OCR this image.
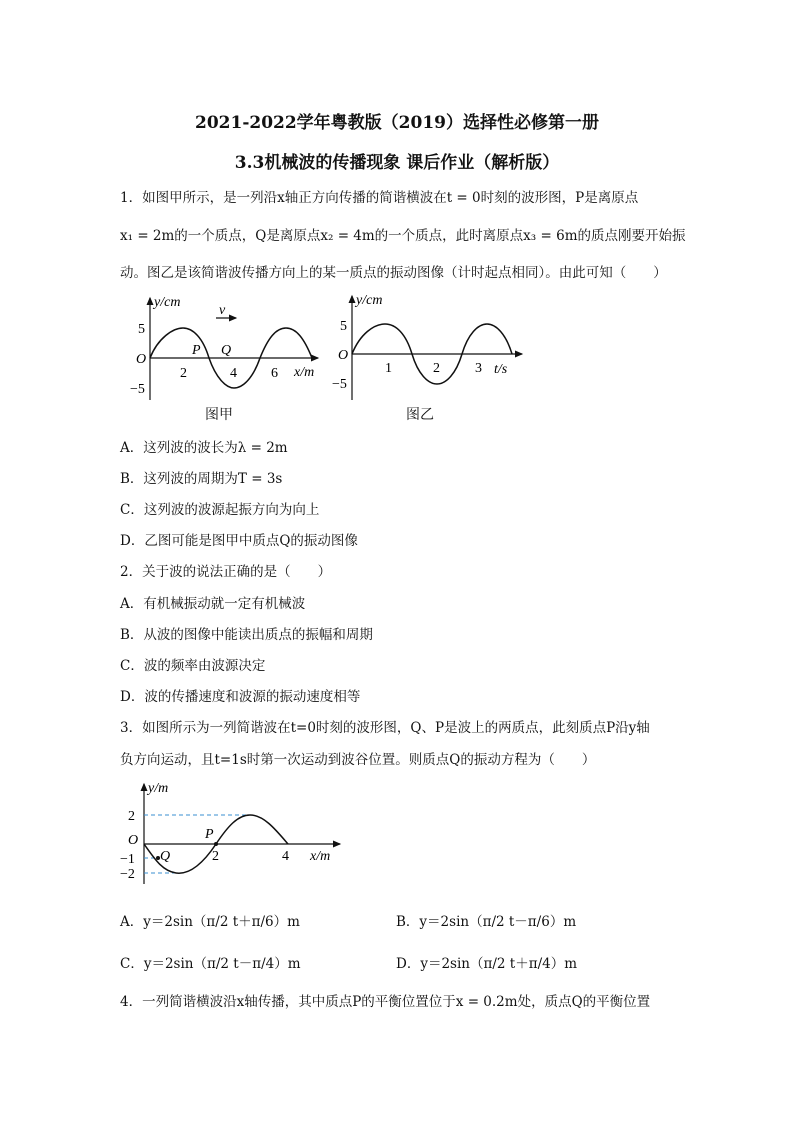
2021-2022学年粤教版（2019）选择性必修第一册
3.3机械波的传播现象 课后作业（解析版）
1．如图甲所示，是一列沿x轴正方向传播的简谐横波在t = 0时刻的波形图，P是离原点
x₁ = 2m的一个质点，Q是离原点x₂ = 4m的一个质点，此时离原点x₃ = 6m的质点刚要开始振
动。图乙是该简谐波传播方向上的某一质点的振动图像（计时起点相同）。由此可知（　　）
v
y/cm
x/m
O
5
−5
2	4 6
P Q
图甲
y/cm
t/s
O
5
−5
1	2	3
图乙
A．这列波的波长为λ = 2m
B．这列波的周期为T = 3s
C．这列波的波源起振方向为向上
D．乙图可能是图甲中质点Q的振动图像
2．关于波的说法正确的是（　　）
A．有机械振动就一定有机械波
B．从波的图像中能读出质点的振幅和周期
C．波的频率由波源决定
D．波的传播速度和波源的振动速度相等
3．如图所示为一列简谐波在t=0时刻的波形图，Q、P是波上的两质点，此刻质点P沿y轴
负方向运动，且t=1s时第一次运动到波谷位置。则质点Q的振动方程为（　　）
y/m
x/m
O
2
−1
−2
2	4
P
Q
A．y＝2sin（π/2 t＋π/6）m	B．y＝2sin（π/2 t－π/6）m
C．y＝2sin（π/2 t－π/4）m	D．y＝2sin（π/2 t＋π/4）m
4．一列简谐横波沿x轴传播，其中质点P的平衡位置位于x = 0.2m处，质点Q的平衡位置
